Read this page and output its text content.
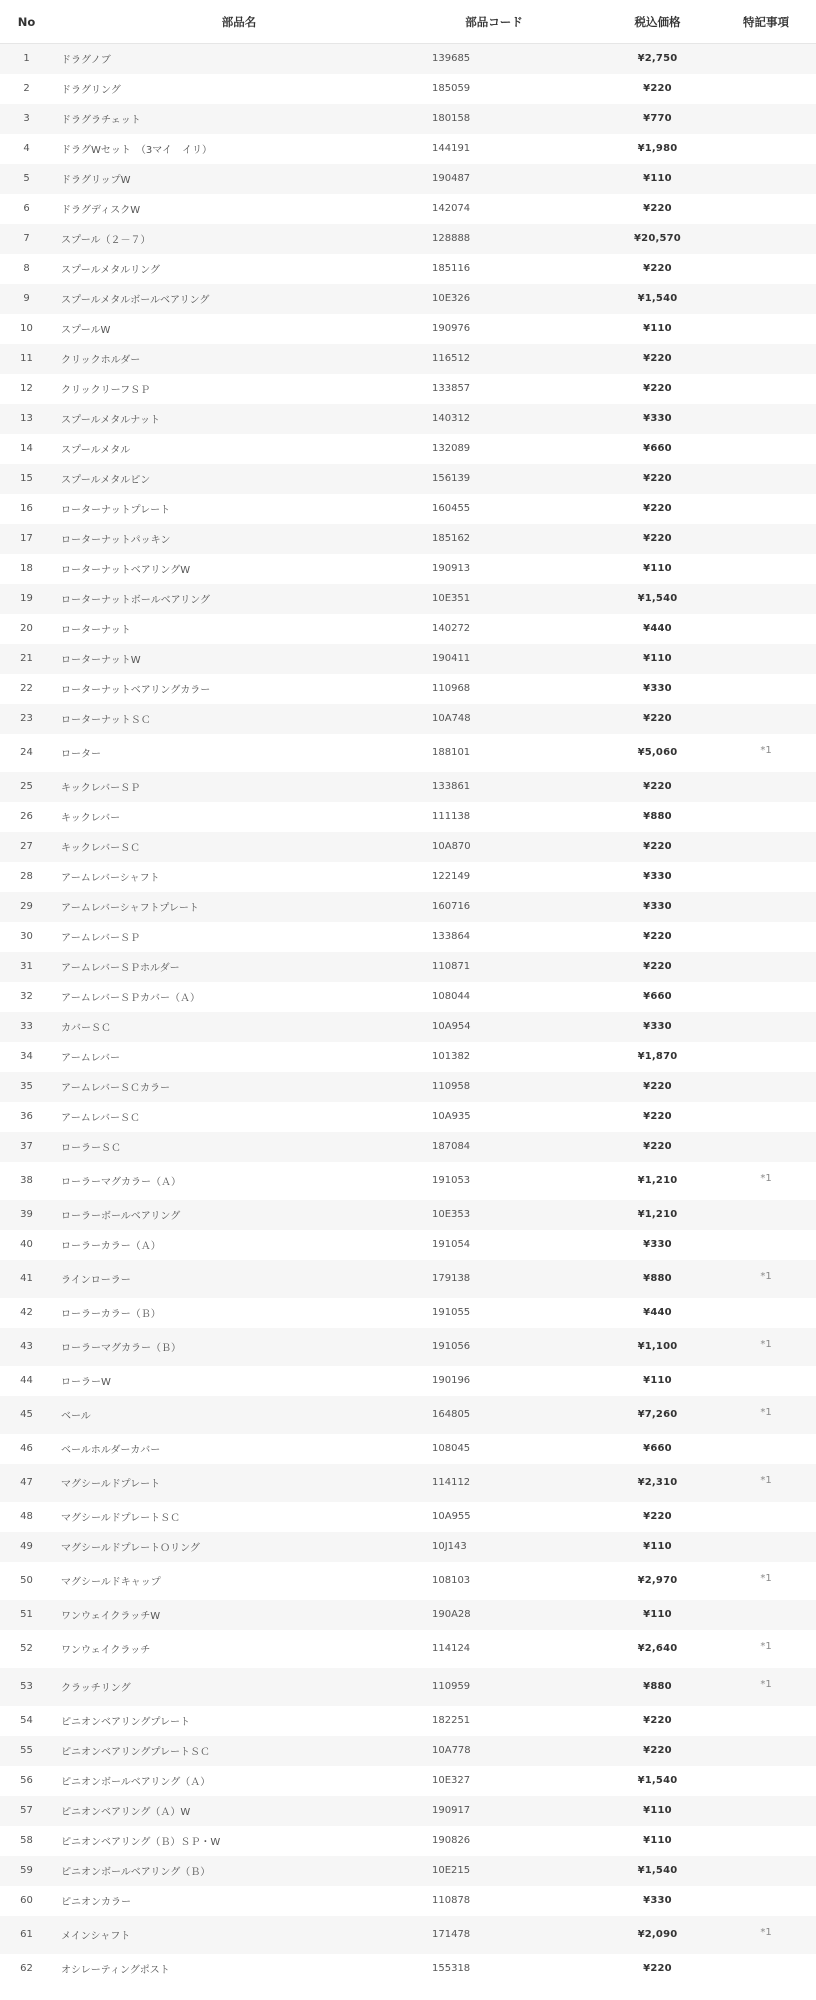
No	部品名	部品コード	税込価格	特記事項
1	ドラグノブ	139685	¥2,750	
2	ドラグリング	185059	¥220	
3	ドラグラチェット	180158	¥770	
4	ドラグWセット　（3マイ　イリ）	144191	¥1,980	
5	ドラグリップW	190487	¥110	
6	ドラグディスクW	142074	¥220	
7	スプール（２－７）	128888	¥20,570	
8	スプールメタルリング	185116	¥220	
9	スプールメタルボールベアリング	10E326	¥1,540	
10	スプールW	190976	¥110	
11	クリックホルダー	116512	¥220	
12	クリックリーフＳＰ	133857	¥220	
13	スプールメタルナット	140312	¥330	
14	スプールメタル	132089	¥660	
15	スプールメタルピン	156139	¥220	
16	ローターナットプレート	160455	¥220	
17	ローターナットパッキン	185162	¥220	
18	ローターナットベアリングW	190913	¥110	
19	ローターナットボールベアリング	10E351	¥1,540	
20	ローターナット	140272	¥440	
21	ローターナットW	190411	¥110	
22	ローターナットベアリングカラー	110968	¥330	
23	ローターナットＳＣ	10A748	¥220	
24	ローター	188101	¥5,060	*1
25	キックレバーＳＰ	133861	¥220	
26	キックレバー	111138	¥880	
27	キックレバーＳＣ	10A870	¥220	
28	アームレバーシャフト	122149	¥330	
29	アームレバーシャフトプレート	160716	¥330	
30	アームレバーＳＰ	133864	¥220	
31	アームレバーＳＰホルダー	110871	¥220	
32	アームレバーＳＰカバー（Ａ）	108044	¥660	
33	カバーＳＣ	10A954	¥330	
34	アームレバー	101382	¥1,870	
35	アームレバーＳＣカラー	110958	¥220	
36	アームレバーＳＣ	10A935	¥220	
37	ローラーＳＣ	187084	¥220	
38	ローラーマグカラー（Ａ）	191053	¥1,210	*1
39	ローラーボールベアリング	10E353	¥1,210	
40	ローラーカラー（Ａ）	191054	¥330	
41	ラインローラー	179138	¥880	*1
42	ローラーカラー（Ｂ）	191055	¥440	
43	ローラーマグカラー（Ｂ）	191056	¥1,100	*1
44	ローラーW	190196	¥110	
45	ベール	164805	¥7,260	*1
46	ベールホルダーカバー	108045	¥660	
47	マグシールドプレート	114112	¥2,310	*1
48	マグシールドプレートＳＣ	10A955	¥220	
49	マグシールドプレートＯリング	10J143	¥110	
50	マグシールドキャップ	108103	¥2,970	*1
51	ワンウェイクラッチW	190A28	¥110	
52	ワンウェイクラッチ	114124	¥2,640	*1
53	クラッチリング	110959	¥880	*1
54	ピニオンベアリングプレート	182251	¥220	
55	ピニオンベアリングプレートＳＣ	10A778	¥220	
56	ピニオンボールベアリング（Ａ）	10E327	¥1,540	
57	ピニオンベアリング（Ａ）W	190917	¥110	
58	ピニオンベアリング（Ｂ）ＳＰ・W	190826	¥110	
59	ピニオンボールベアリング（Ｂ）	10E215	¥1,540	
60	ピニオンカラー	110878	¥330	
61	メインシャフト	171478	¥2,090	*1
62	オシレーティングポスト	155318	¥220	
